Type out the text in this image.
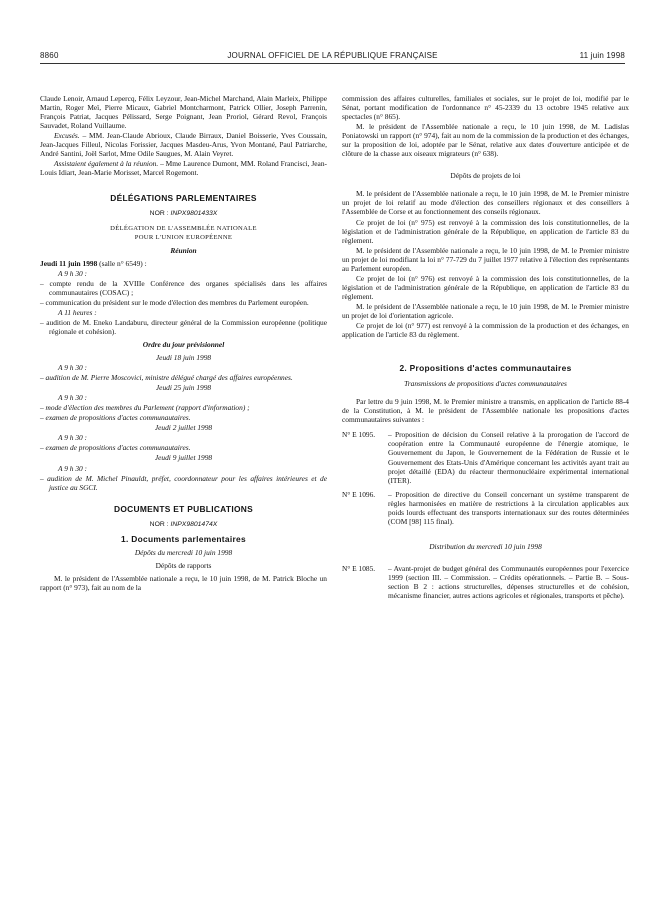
8860	JOURNAL OFFICIEL DE LA RÉPUBLIQUE FRANÇAISE	11 juin 1998

Claude Lenoir, Arnaud Lepercq, Félix Leyzour, Jean-Michel Marchand, Alain Marleix, Philippe Martin, Roger Meï, Pierre Micaux, Gabriel Montcharmont, Patrick Ollier, Joseph Parrenin, François Patriat, Jacques Pélissard, Serge Poignant, Jean Proriol, Gérard Revol, François Sauvadet, Roland Vuillaume.

Excusés. – MM. Jean-Claude Abrioux, Claude Birraux, Daniel Boisserie, Yves Coussain, Jean-Jacques Filleul, Nicolas Forissier, Jacques Masdeu-Arus, Yvon Montané, Paul Patriarche, André Santini, Joël Sarlot, Mme Odile Saugues, M. Alain Veyret.

Assistaient également à la réunion. – Mme Laurence Dumont, MM. Roland Francisci, Jean-Louis Idiart, Jean-Marie Morisset, Marcel Rogemont.

DÉLÉGATIONS PARLEMENTAIRES

NOR : INPX9801433X

DÉLÉGATION DE L'ASSEMBLÉE NATIONALE

POUR L'UNION EUROPÉENNE

Réunion

Jeudi 11 juin 1998 (salle n° 6549) :

A 9 h 30 :

– compte rendu de la XVIIIe Conférence des organes spécialisés dans les affaires communautaires (COSAC) ;

– communication du président sur le mode d'élection des membres du Parlement européen.

A 11 heures :

– audition de M. Eneko Landaburu, directeur général de la Commission européenne (politique régionale et cohésion).

Ordre du jour prévisionnel

Jeudi 18 juin 1998

A 9 h 30 :

– audition de M. Pierre Moscovici, ministre délégué chargé des affaires européennes.

Jeudi 25 juin 1998

A 9 h 30 :

– mode d'élection des membres du Parlement (rapport d'information) ;

– examen de propositions d'actes communautaires.

Jeudi 2 juillet 1998

A 9 h 30 :

– examen de propositions d'actes communautaires.

Jeudi 9 juillet 1998

A 9 h 30 :

– audition de M. Michel Pinauldt, préfet, coordonnateur pour les affaires intérieures et de justice au SGCI.

DOCUMENTS ET PUBLICATIONS

NOR : INPX9801474X

1. Documents parlementaires

Dépôts du mercredi 10 juin 1998

Dépôts de rapports

M. le président de l'Assemblée nationale a reçu, le 10 juin 1998, de M. Patrick Bloche un rapport (n° 973), fait au nom de la

commission des affaires culturelles, familiales et sociales, sur le projet de loi, modifié par le Sénat, portant modification de l'ordonnance n° 45-2339 du 13 octobre 1945 relative aux spectacles (n° 865).

M. le président de l'Assemblée nationale a reçu, le 10 juin 1998, de M. Ladislas Poniatowski un rapport (n° 974), fait au nom de la commission de la production et des échanges, sur la proposition de loi, adoptée par le Sénat, relative aux dates d'ouverture anticipée et de clôture de la chasse aux oiseaux migrateurs (n° 638).

Dépôts de projets de loi

M. le président de l'Assemblée nationale a reçu, le 10 juin 1998, de M. le Premier ministre un projet de loi relatif au mode d'élection des conseillers régionaux et des conseillers à l'Assemblée de Corse et au fonctionnement des conseils régionaux.

Ce projet de loi (n° 975) est renvoyé à la commission des lois constitutionnelles, de la législation et de l'administration générale de la République, en application de l'article 83 du règlement.

M. le président de l'Assemblée nationale a reçu, le 10 juin 1998, de M. le Premier ministre un projet de loi modifiant la loi n° 77-729 du 7 juillet 1977 relative à l'élection des représentants au Parlement européen.

Ce projet de loi (n° 976) est renvoyé à la commission des lois constitutionnelles, de la législation et de l'administration générale de la République, en application de l'article 83 du règlement.

M. le président de l'Assemblée nationale a reçu, le 10 juin 1998, de M. le Premier ministre un projet de loi d'orientation agricole.

Ce projet de loi (n° 977) est renvoyé à la commission de la production et des échanges, en application de l'article 83 du règlement.

2. Propositions d'actes communautaires

Transmissions de propositions d'actes communautaires

Par lettre du 9 juin 1998, M. le Premier ministre a transmis, en application de l'article 88-4 de la Constitution, à M. le président de l'Assemblée nationale les propositions d'actes communautaires suivantes :

N° E 1095.	– Proposition de décision du Conseil relative à la prorogation de l'accord de coopération entre la Communauté européenne de l'énergie atomique, le Gouvernement du Japon, le Gouvernement de la Fédération de Russie et le Gouvernement des Etats-Unis d'Amérique concernant les activités ayant trait au projet détaillé (EDA) du réacteur thermonucléaire expérimental international (ITER).
N° E 1096.	– Proposition de directive du Conseil concernant un système transparent de règles harmonisées en matière de restrictions à la circulation applicables aux poids lourds effectuant des transports internationaux sur des routes déterminées (COM [98] 115 final).

Distribution du mercredi 10 juin 1998

N° E 1085.	– Avant-projet de budget général des Communautés européennes pour l'exercice 1999 (section III. – Commission. – Crédits opérationnels. – Partie B. – Sous-section B 2 : actions structurelles, dépenses structurelles et de cohésion, mécanisme financier, autres actions agricoles et régionales, transports et pêche).
